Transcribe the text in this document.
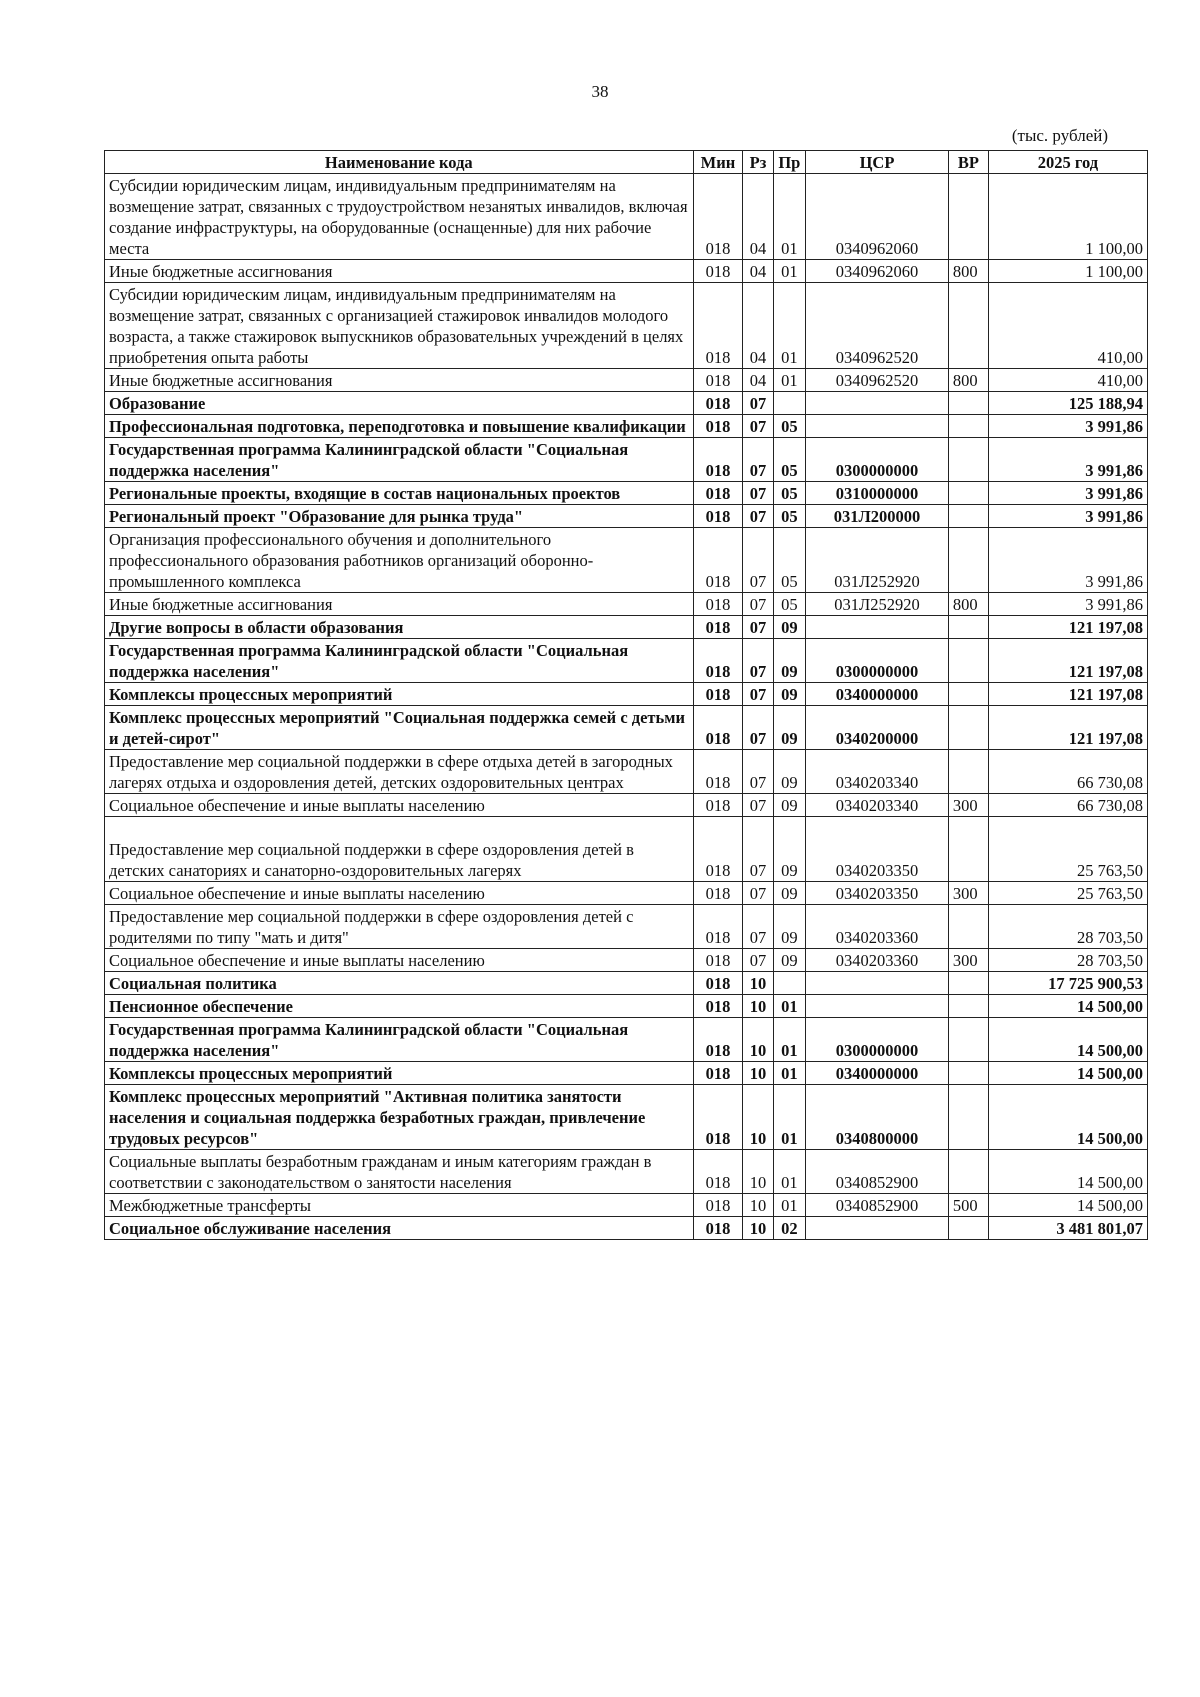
38
(тыс. рублей)
Наименование кода	Мин	Рз	Пр	ЦСР	ВР	2025 год
Субсидии юридическим лицам, индивидуальным предпринимателям на возмещение затрат, связанных с трудоустройством незанятых инвалидов, включая создание инфраструктуры, на оборудованные (оснащенные) для них рабочие места	018	04	01	0340962060		1 100,00
Иные бюджетные ассигнования	018	04	01	0340962060	800	1 100,00
Субсидии юридическим лицам, индивидуальным предпринимателям на возмещение затрат, связанных с организацией стажировок инвалидов молодого возраста, а также стажировок выпускников образовательных учреждений в целях приобретения опыта работы	018	04	01	0340962520		410,00
Иные бюджетные ассигнования	018	04	01	0340962520	800	410,00
Образование	018	07				125 188,94
Профессиональная подготовка, переподготовка и повышение квалификации	018	07	05			3 991,86
Государственная программа Калининградской области "Социальная поддержка населения"	018	07	05	0300000000		3 991,86
Региональные проекты, входящие в состав национальных проектов	018	07	05	0310000000		3 991,86
Региональный проект "Образование для рынка труда"	018	07	05	031Л200000		3 991,86
Организация профессионального обучения и дополнительного профессионального образования работников организаций оборонно-промышленного комплекса	018	07	05	031Л252920		3 991,86
Иные бюджетные ассигнования	018	07	05	031Л252920	800	3 991,86
Другие вопросы в области образования	018	07	09			121 197,08
Государственная программа Калининградской области "Социальная поддержка населения"	018	07	09	0300000000		121 197,08
Комплексы процессных мероприятий	018	07	09	0340000000		121 197,08
Комплекс процессных мероприятий "Социальная поддержка семей с детьми и детей-сирот"	018	07	09	0340200000		121 197,08
Предоставление мер социальной поддержки в сфере отдыха детей в загородных лагерях отдыха и оздоровления детей, детских оздоровительных центрах	018	07	09	0340203340		66 730,08
Социальное обеспечение и иные выплаты населению	018	07	09	0340203340	300	66 730,08
Предоставление мер социальной поддержки в сфере оздоровления детей в детских санаториях и санаторно-оздоровительных лагерях	018	07	09	0340203350		25 763,50
Социальное обеспечение и иные выплаты населению	018	07	09	0340203350	300	25 763,50
Предоставление мер социальной поддержки в сфере оздоровления детей с родителями по типу "мать и дитя"	018	07	09	0340203360		28 703,50
Социальное обеспечение и иные выплаты населению	018	07	09	0340203360	300	28 703,50
Социальная политика	018	10				17 725 900,53
Пенсионное обеспечение	018	10	01			14 500,00
Государственная программа Калининградской области "Социальная поддержка населения"	018	10	01	0300000000		14 500,00
Комплексы процессных мероприятий	018	10	01	0340000000		14 500,00
Комплекс процессных мероприятий "Активная политика занятости населения и социальная поддержка безработных граждан, привлечение трудовых ресурсов"	018	10	01	0340800000		14 500,00
Социальные выплаты безработным гражданам и иным категориям граждан в соответствии с законодательством о занятости населения	018	10	01	0340852900		14 500,00
Межбюджетные трансферты	018	10	01	0340852900	500	14 500,00
Социальное обслуживание населения	018	10	02			3 481 801,07
